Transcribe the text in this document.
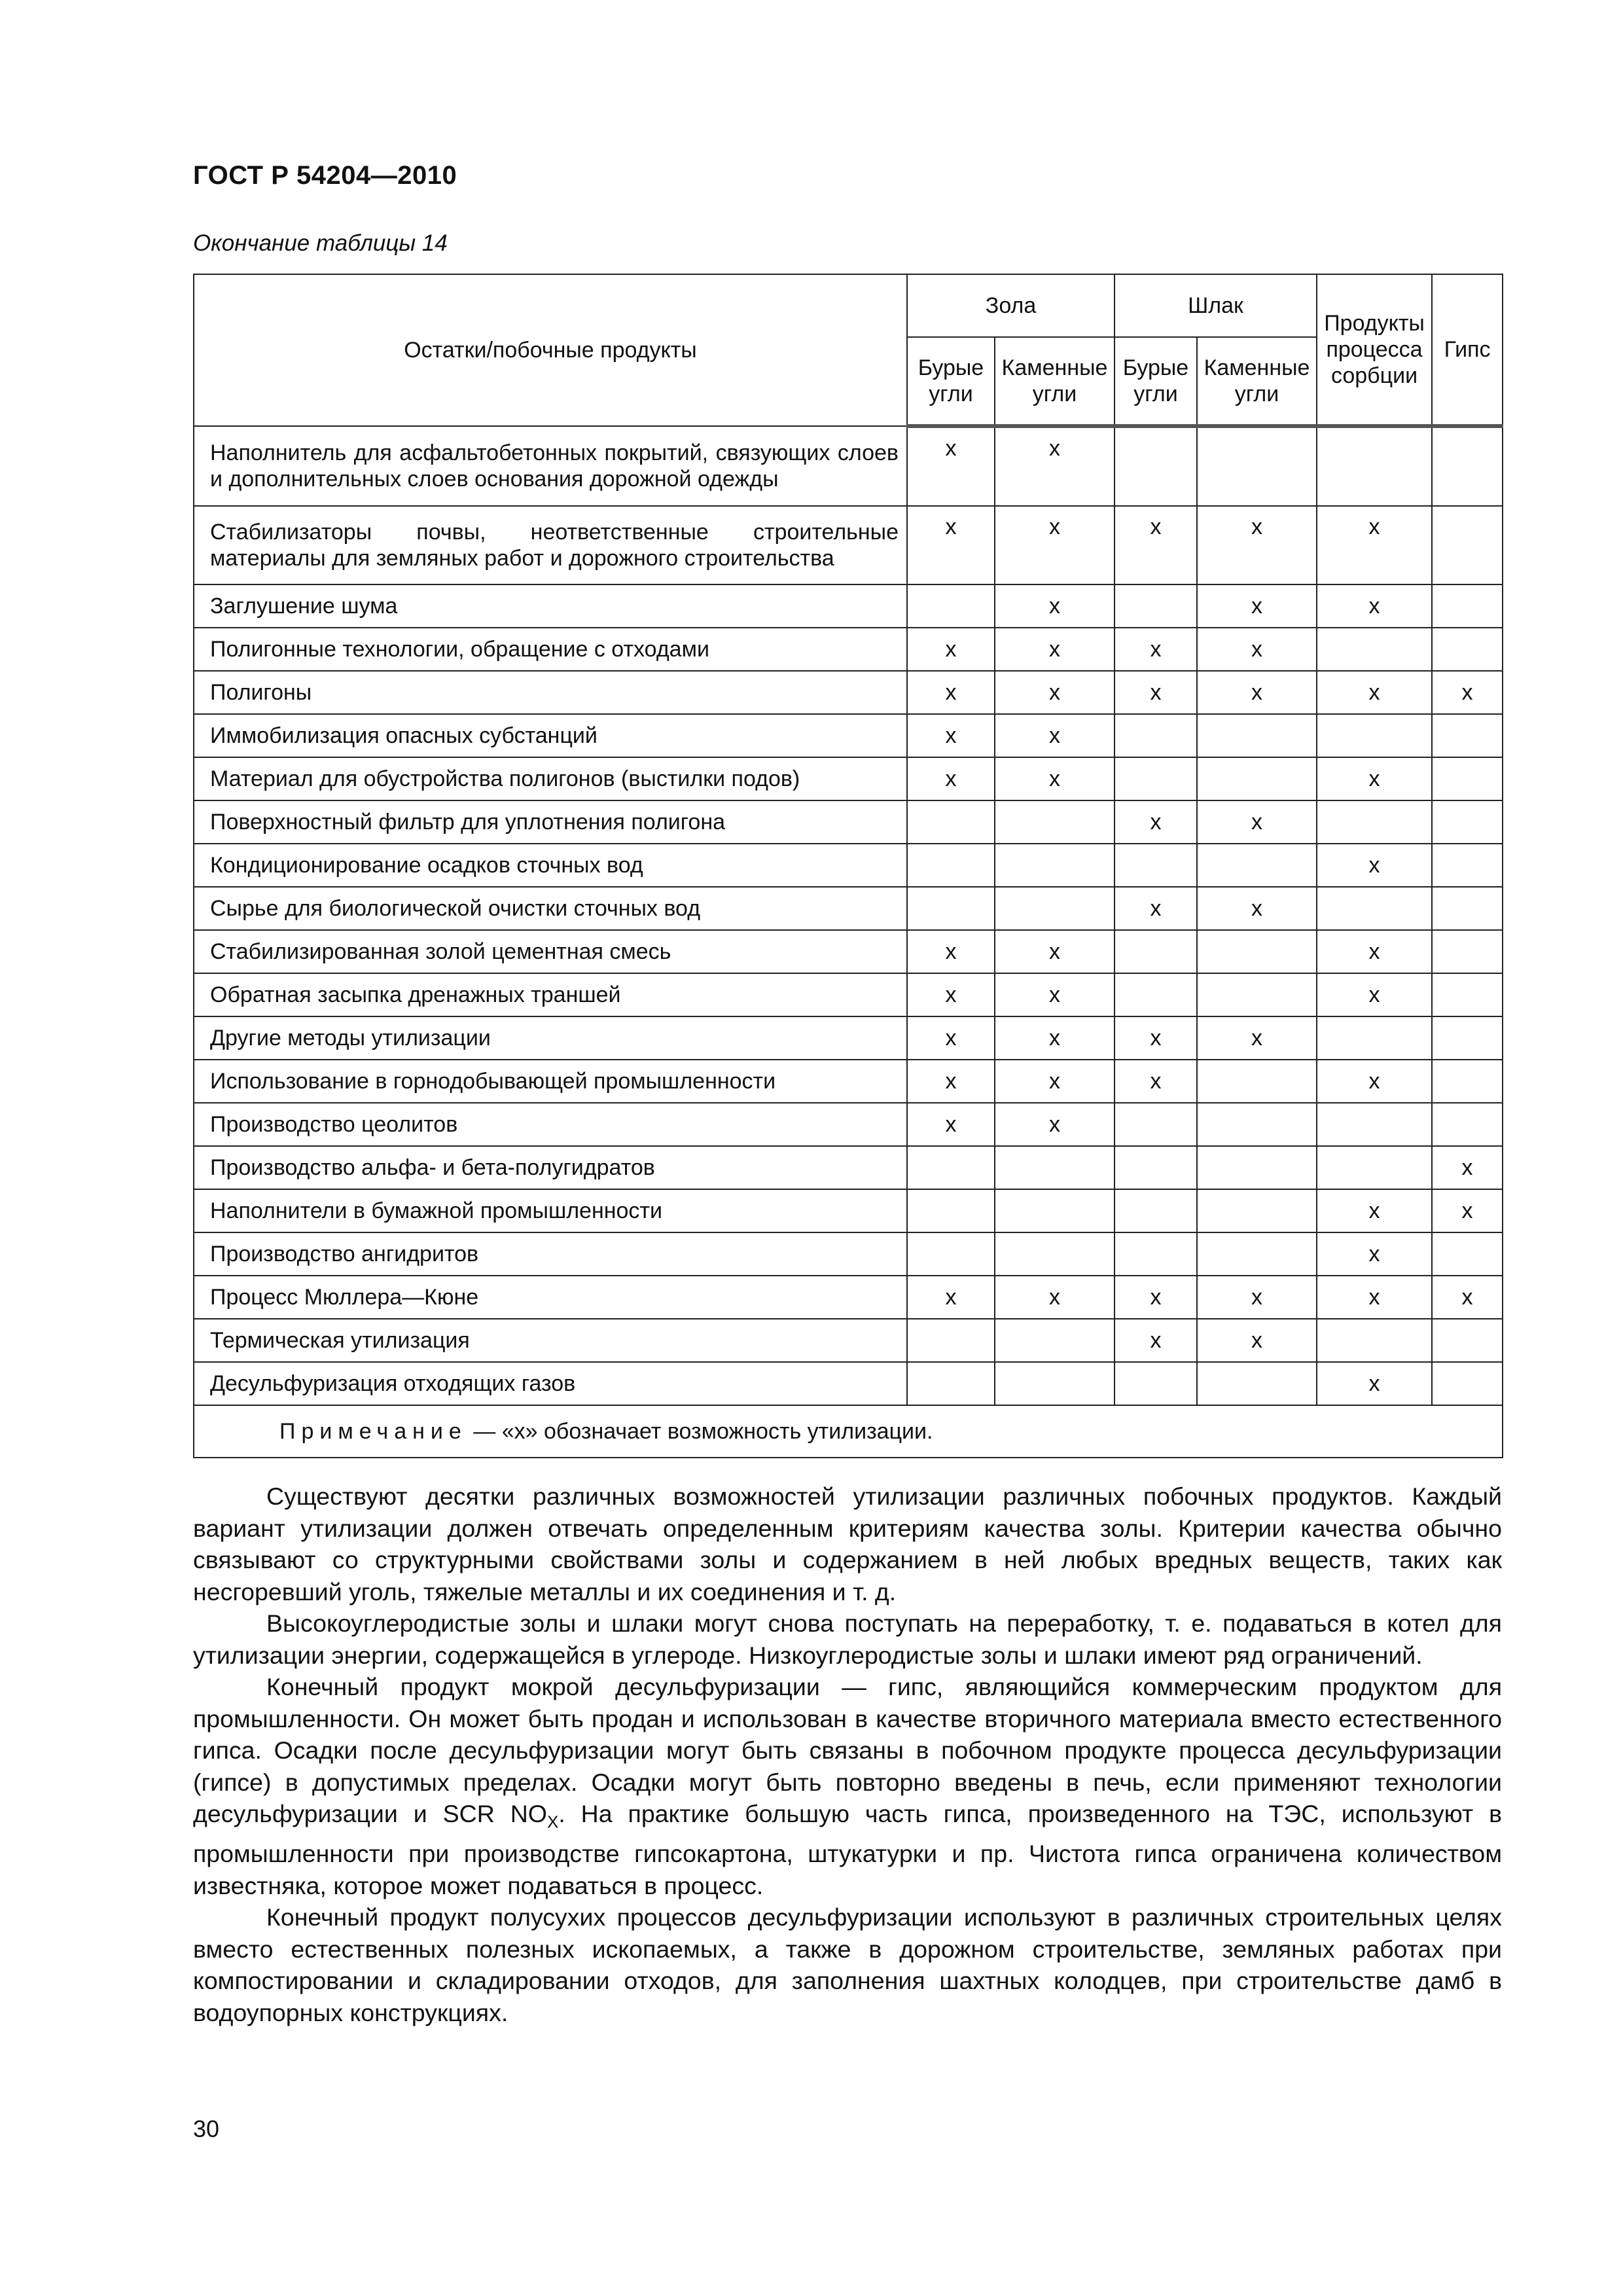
ГОСТ Р 54204—2010
Окончание таблицы 14
Остатки/побочные продукты	Зола		Шлак		Продукты процесса сорбции	Гипс
	Бурые угли	Каменные угли	Бурые угли	Каменные угли		
Наполнитель для асфальтобетонных покрытий, связующих слоев и дополнительных слоев основания дорожной одежды	x	x				
Стабилизаторы почвы, неответственные строительные материалы для земляных работ и дорожного строительства	x	x	x	x	x	
Заглушение шума		x		x	x	
Полигонные технологии, обращение с отходами	x	x	x	x		
Полигоны	x	x	x	x	x	x
Иммобилизация опасных субстанций	x	x				
Материал для обустройства полигонов (выстилки подов)	x	x			x	
Поверхностный фильтр для уплотнения полигона			x	x		
Кондиционирование осадков сточных вод					x	
Сырье для биологической очистки сточных вод			x	x		
Стабилизированная золой цементная смесь	x	x			x	
Обратная засыпка дренажных траншей	x	x			x	
Другие методы утилизации	x	x	x	x		
Использование в горнодобывающей промышленности	x	x	x		x	
Производство цеолитов	x	x				
Производство альфа- и бета-полугидратов						x
Наполнители в бумажной промышленности					x	x
Производство ангидритов					x	
Процесс Мюллера—Кюне	x	x	x	x	x	x
Термическая утилизация			x	x		
Десульфуризация отходящих газов					x	

Примечание — «x» обозначает возможность утилизации.						

Существуют десятки различных возможностей утилизации различных побочных продуктов. Каждый вариант утилизации должен отвечать определенным критериям качества золы. Критерии качества обычно связывают со структурными свойствами золы и содержанием в ней любых вредных веществ, таких как несгоревший уголь, тяжелые металлы и их соединения и т. д.

Высокоуглеродистые золы и шлаки могут снова поступать на переработку, т. е. подаваться в котел для утилизации энергии, содержащейся в углероде. Низкоуглеродистые золы и шлаки имеют ряд ограничений.

Конечный продукт мокрой десульфуризации — гипс, являющийся коммерческим продуктом для промышленности. Он может быть продан и использован в качестве вторичного материала вместо естественного гипса. Осадки после десульфуризации могут быть связаны в побочном продукте процесса десульфуризации (гипсе) в допустимых пределах. Осадки могут быть повторно введены в печь, если применяют технологии десульфуризации и SCR $NO_X$. На практике большую часть гипса, произведенного на ТЭС, используют в промышленности при производстве гипсокартона, штукатурки и пр. Чистота гипса ограничена количеством известняка, которое может подаваться в процесс.

Конечный продукт полусухих процессов десульфуризации используют в различных строительных целях вместо естественных полезных ископаемых, а также в дорожном строительстве, земляных работах при компостировании и складировании отходов, для заполнения шахтных колодцев, при строительстве дамб в водоупорных конструкциях.

30
